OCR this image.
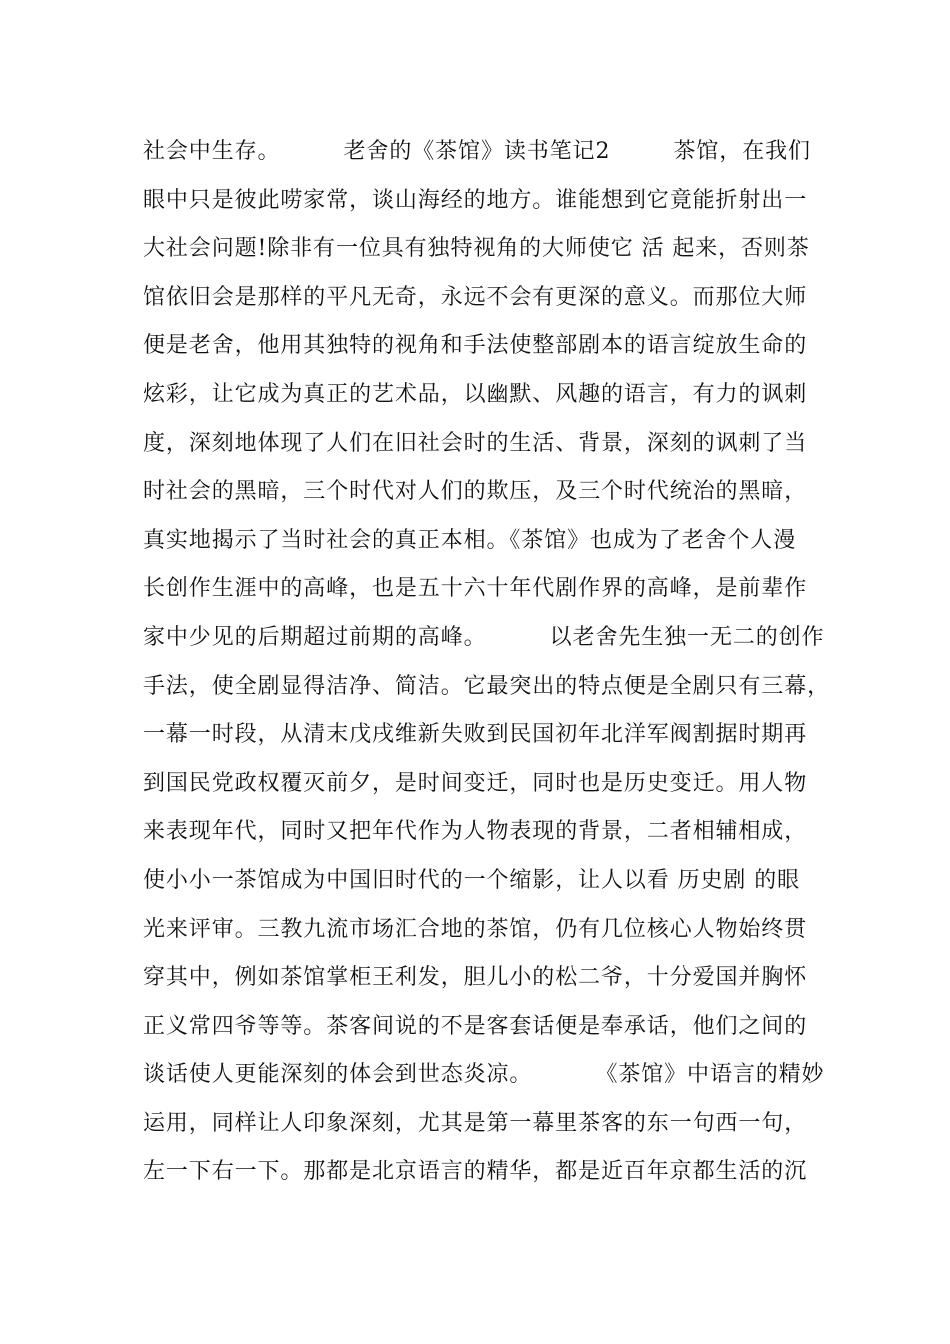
社会中生存。        老舍的《茶馆》读书笔记2        茶馆，在我们
眼中只是彼此唠家常，谈山海经的地方。谁能想到它竟能折射出一
大社会问题!除非有一位具有独特视角的大师使它 活 起来，否则茶
馆依旧会是那样的平凡无奇，永远不会有更深的意义。而那位大师
便是老舍，他用其独特的视角和手法使整部剧本的语言绽放生命的
炫彩，让它成为真正的艺术品，以幽默、风趣的语言，有力的讽刺
度，深刻地体现了人们在旧社会时的生活、背景，深刻的讽刺了当
时社会的黑暗，三个时代对人们的欺压，及三个时代统治的黑暗，
真实地揭示了当时社会的真正本相。《茶馆》也成为了老舍个人漫
长创作生涯中的高峰，也是五十六十年代剧作界的高峰，是前辈作
家中少见的后期超过前期的高峰。        以老舍先生独一无二的创作
手法，使全剧显得洁净、简洁。它最突出的特点便是全剧只有三幕，
一幕一时段，从清末戊戌维新失败到民国初年北洋军阀割据时期再
到国民党政权覆灭前夕，是时间变迁，同时也是历史变迁。用人物
来表现年代，同时又把年代作为人物表现的背景，二者相辅相成，
使小小一茶馆成为中国旧时代的一个缩影，让人以看 历史剧 的眼
光来评审。三教九流市场汇合地的茶馆，仍有几位核心人物始终贯
穿其中，例如茶馆掌柜王利发，胆儿小的松二爷，十分爱国并胸怀
正义常四爷等等。茶客间说的不是客套话便是奉承话，他们之间的
谈话使人更能深刻的体会到世态炎凉。        《茶馆》中语言的精妙
运用，同样让人印象深刻，尤其是第一幕里茶客的东一句西一句，
左一下右一下。那都是北京语言的精华，都是近百年京都生活的沉
